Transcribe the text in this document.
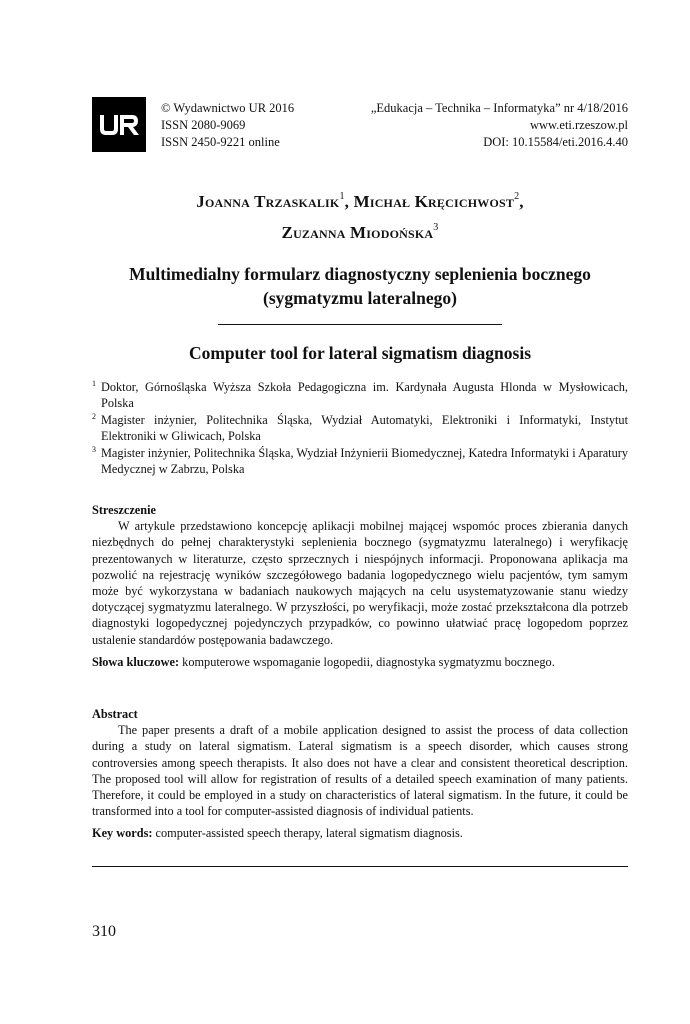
© Wydawnictwo UR 2016
ISSN 2080-9069
ISSN 2450-9221 online
„Edukacja – Technika – Informatyka” nr 4/18/2016
www.eti.rzeszow.pl
DOI: 10.15584/eti.2016.4.40
Joanna Trzaskalik$^1$, Michał Kręcichwost$^2$,
Zuzanna Miodońska$^3$
Multimedialny formularz diagnostyczny seplenienia bocznego (sygmatyzmu lateralnego)
Computer tool for lateral sigmatism diagnosis
1 Doktor, Górnośląska Wyższa Szkoła Pedagogiczna im. Kardynała Augusta Hlonda w Mysłowicach, Polska
2 Magister inżynier, Politechnika Śląska, Wydział Automatyki, Elektroniki i Informatyki, Instytut Elektroniki w Gliwicach, Polska
3 Magister inżynier, Politechnika Śląska, Wydział Inżynierii Biomedycznej, Katedra Informatyki i Aparatury Medycznej w Zabrzu, Polska
Streszczenie
W artykule przedstawiono koncepcję aplikacji mobilnej mającej wspomóc proces zbierania danych niezbędnych do pełnej charakterystyki seplenienia bocznego (sygmatyzmu lateralnego) i weryfikację prezentowanych w literaturze, często sprzecznych i niespójnych informacji. Proponowana aplikacja ma pozwolić na rejestrację wyników szczegółowego badania logopedycznego wielu pacjentów, tym samym może być wykorzystana w badaniach naukowych mających na celu usystematyzowanie stanu wiedzy dotyczącej sygmatyzmu lateralnego. W przyszłości, po weryfikacji, może zostać przekształcona dla potrzeb diagnostyki logopedycznej pojedynczych przypadków, co powinno ułatwiać pracę logopedom poprzez ustalenie standardów postępowania badawczego.
Słowa kluczowe: komputerowe wspomaganie logopedii, diagnostyka sygmatyzmu bocznego.
Abstract
The paper presents a draft of a mobile application designed to assist the process of data collection during a study on lateral sigmatism. Lateral sigmatism is a speech disorder, which causes strong controversies among speech therapists. It also does not have a clear and consistent theoretical description. The proposed tool will allow for registration of results of a detailed speech examination of many patients. Therefore, it could be employed in a study on characteristics of lateral sigmatism. In the future, it could be transformed into a tool for computer-assisted diagnosis of individual patients.
Key words: computer-assisted speech therapy, lateral sigmatism diagnosis.
310
